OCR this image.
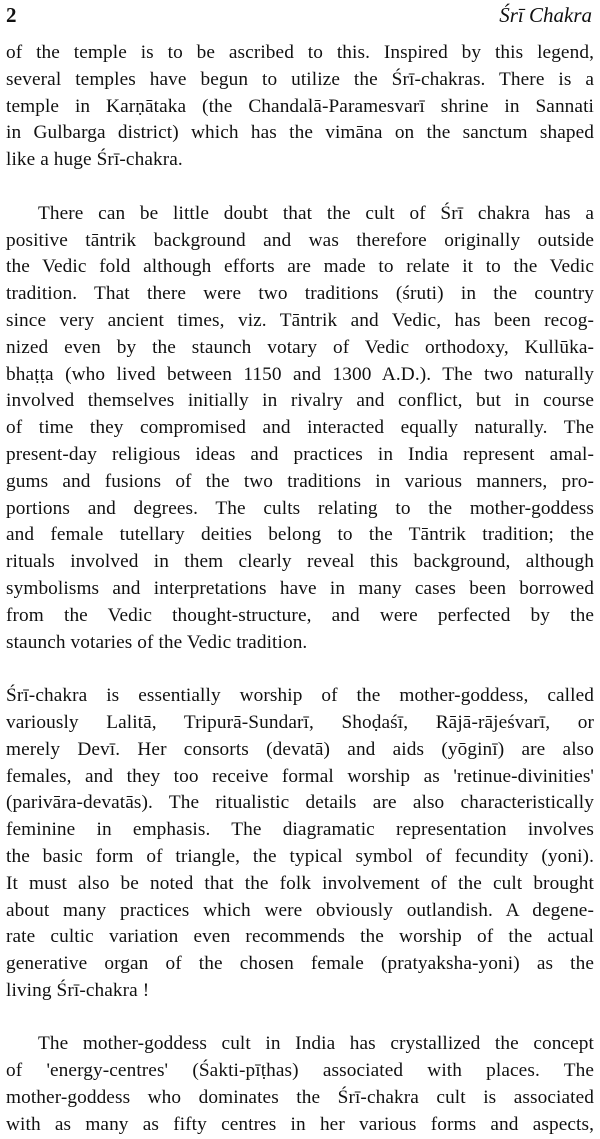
2	Śrī Chakra
of the temple is to be ascribed to this. Inspired by this legend,
several temples have begun to utilize the Śrī-chakras. There is a
temple in Karṇātaka (the Chandalā-Paramesvarī shrine in Sannati
in Gulbarga district) which has the vimāna on the sanctum shaped
like a huge Śrī-chakra.
There can be little doubt that the cult of Śrī chakra has a
positive tāntrik background and was therefore originally outside
the Vedic fold although efforts are made to relate it to the Vedic
tradition. That there were two traditions (śruti) in the country
since very ancient times, viz. Tāntrik and Vedic, has been recog-
nized even by the staunch votary of Vedic orthodoxy, Kullūka-
bhaṭṭa (who lived between 1150 and 1300 A.D.). The two naturally
involved themselves initially in rivalry and conflict, but in course
of time they compromised and interacted equally naturally. The
present-day religious ideas and practices in India represent amal-
gums and fusions of the two traditions in various manners, pro-
portions and degrees. The cults relating to the mother-goddess
and female tutellary deities belong to the Tāntrik tradition; the
rituals involved in them clearly reveal this background, although
symbolisms and interpretations have in many cases been borrowed
from the Vedic thought-structure, and were perfected by the
staunch votaries of the Vedic tradition.
Śrī-chakra is essentially worship of the mother-goddess, called
variously Lalitā, Tripurā-Sundarī, Shoḍaśī, Rājā-rājeśvarī, or
merely Devī. Her consorts (devatā) and aids (yōginī) are also
females, and they too receive formal worship as 'retinue-divinities'
(parivāra-devatās). The ritualistic details are also characteristically
feminine in emphasis. The diagramatic representation involves
the basic form of triangle, the typical symbol of fecundity (yoni).
It must also be noted that the folk involvement of the cult brought
about many practices which were obviously outlandish. A degene-
rate cultic variation even recommends the worship of the actual
generative organ of the chosen female (pratyaksha-yoni) as the
living Śrī-chakra !
The mother-goddess cult in India has crystallized the concept
of 'energy-centres' (Śakti-pīṭhas) associated with places. The
mother-goddess who dominates the Śrī-chakra cult is associated
with as many as fifty centres in her various forms and aspects,
